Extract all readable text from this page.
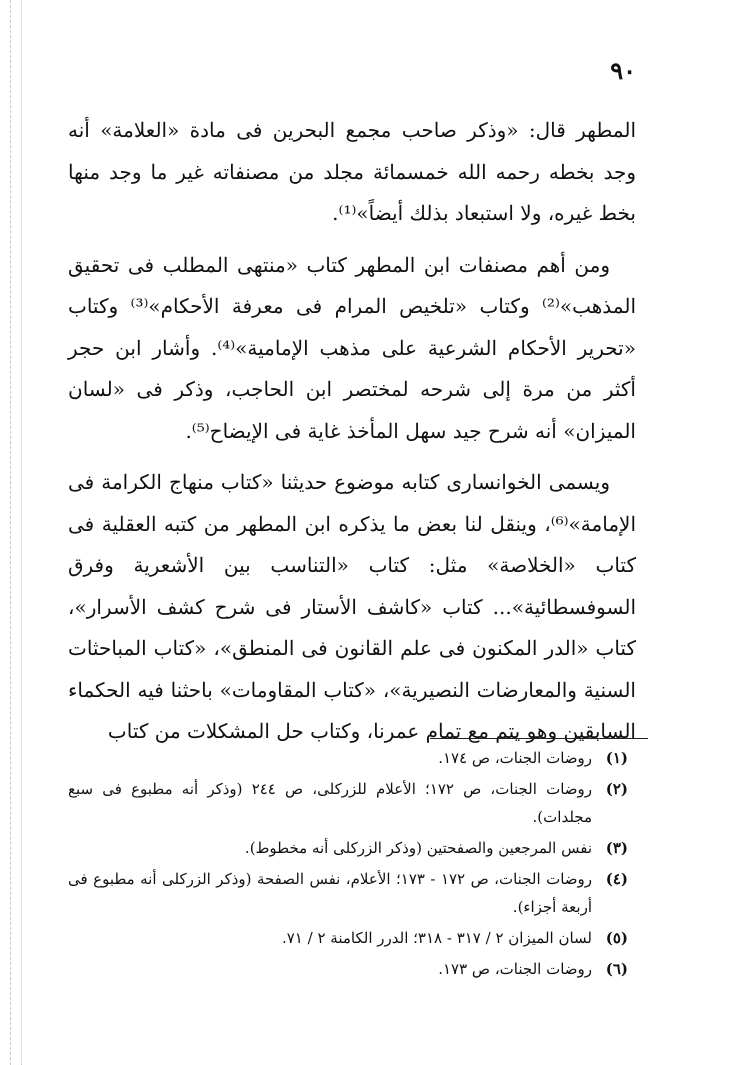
٩٠

المطهر قال: «وذكر صاحب مجمع البحرين فى مادة «العلامة» أنه وجد بخطه رحمه الله خمسمائة مجلد من مصنفاته غير ما وجد منها بخط غيره، ولا استبعاد بذلك أيضاً»⁽¹⁾.

ومن أهم مصنفات ابن المطهر كتاب «منتهى المطلب فى تحقيق المذهب»⁽²⁾ وكتاب «تلخيص المرام فى معرفة الأحكام»⁽³⁾ وكتاب «تحرير الأحكام الشرعية على مذهب الإمامية»⁽⁴⁾. وأشار ابن حجر أكثر من مرة إلى شرحه لمختصر ابن الحاجب، وذكر فى «لسان الميزان» أنه شرح جيد سهل المأخذ غاية فى الإيضاح⁽⁵⁾.

ويسمى الخوانسارى كتابه موضوع حديثنا «كتاب منهاج الكرامة فى الإمامة»⁽⁶⁾، وينقل لنا بعض ما يذكره ابن المطهر من كتبه العقلية فى كتاب «الخلاصة» مثل: كتاب «التناسب بين الأشعرية وفرق السوفسطائية»... كتاب «كاشف الأستار فى شرح كشف الأسرار»، كتاب «الدر المكنون فى علم القانون فى المنطق»، «كتاب المباحثات السنية والمعارضات النصيرية»، «كتاب المقاومات» باحثنا فيه الحكماء السابقين وهو يتم مع تمام عمرنا، وكتاب حل المشكلات من كتاب

(١)
روضات الجنات، ص ١٧٤.
(٢)
روضات الجنات، ص ١٧٢؛ الأعلام للزركلى، ص ٢٤٤ (وذكر أنه مطبوع فى سبع مجلدات).
(٣)
نفس المرجعين والصفحتين (وذكر الزركلى أنه مخطوط).
(٤)
روضات الجنات، ص ١٧٢ - ١٧٣؛ الأعلام، نفس الصفحة (وذكر الزركلى أنه مطبوع فى أربعة أجزاء).
(٥)
لسان الميزان ٢ / ٣١٧ - ٣١٨؛ الدرر الكامنة ٢ / ٧١.
(٦)
روضات الجنات، ص ١٧٣.
